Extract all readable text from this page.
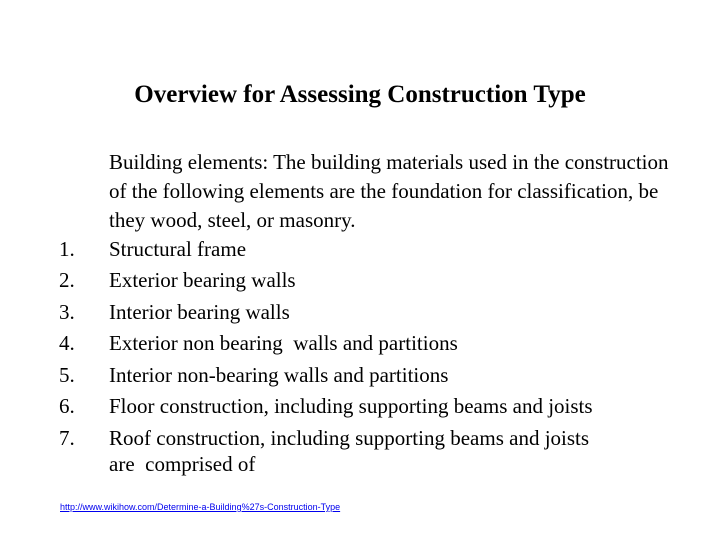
Overview for Assessing Construction Type
Building elements: The building materials used in the construction of the following elements are the foundation for classification, be they wood, steel, or masonry.
1.	Structural frame
2.	Exterior bearing walls
3.	Interior bearing walls
4.	Exterior non bearing  walls and partitions
5.	Interior non-bearing walls and partitions
6.	Floor construction, including supporting beams and joists
7.	Roof construction, including supporting beams and joists
are  comprised of
http://www.wikihow.com/Determine-a-Building%27s-Construction-Type
